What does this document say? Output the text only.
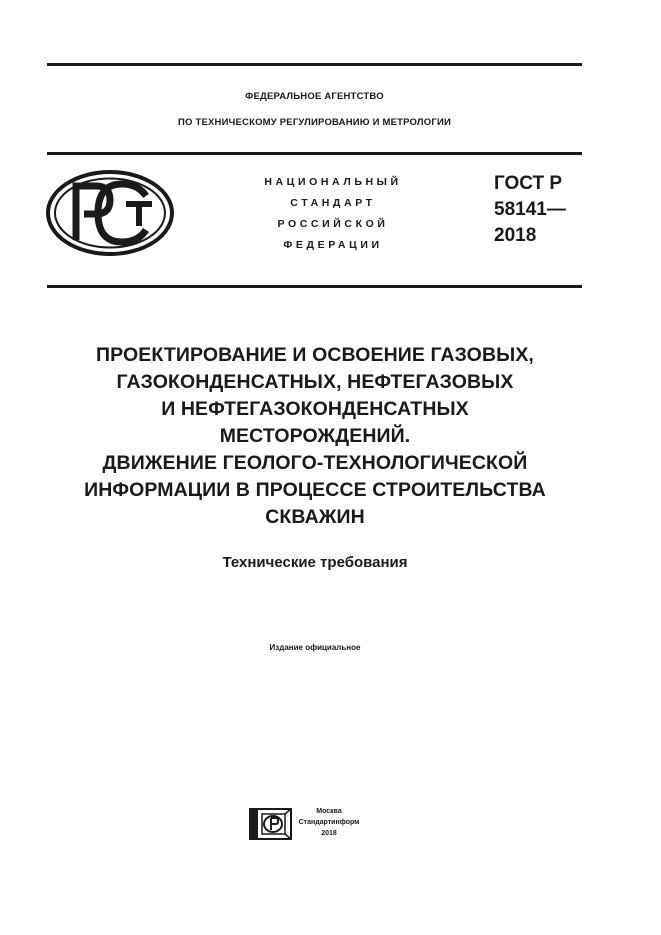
ФЕДЕРАЛЬНОЕ АГЕНТСТВО
ПО ТЕХНИЧЕСКОМУ РЕГУЛИРОВАНИЮ И МЕТРОЛОГИИ
НАЦИОНАЛЬНЫЙ
СТАНДАРТ
РОССИЙСКОЙ
ФЕДЕРАЦИИ
ГОСТ Р
58141—
2018
ПРОЕКТИРОВАНИЕ И ОСВОЕНИЕ ГАЗОВЫХ,
ГАЗОКОНДЕНСАТНЫХ, НЕФТЕГАЗОВЫХ
И НЕФТЕГАЗОКОНДЕНСАТНЫХ
МЕСТОРОЖДЕНИЙ.
ДВИЖЕНИЕ ГЕОЛОГО-ТЕХНОЛОГИЧЕСКОЙ
ИНФОРМАЦИИ В ПРОЦЕССЕ СТРОИТЕЛЬСТВА
СКВАЖИН
Технические требования
Издание официальное
Москва
Стандартинформ
2018
